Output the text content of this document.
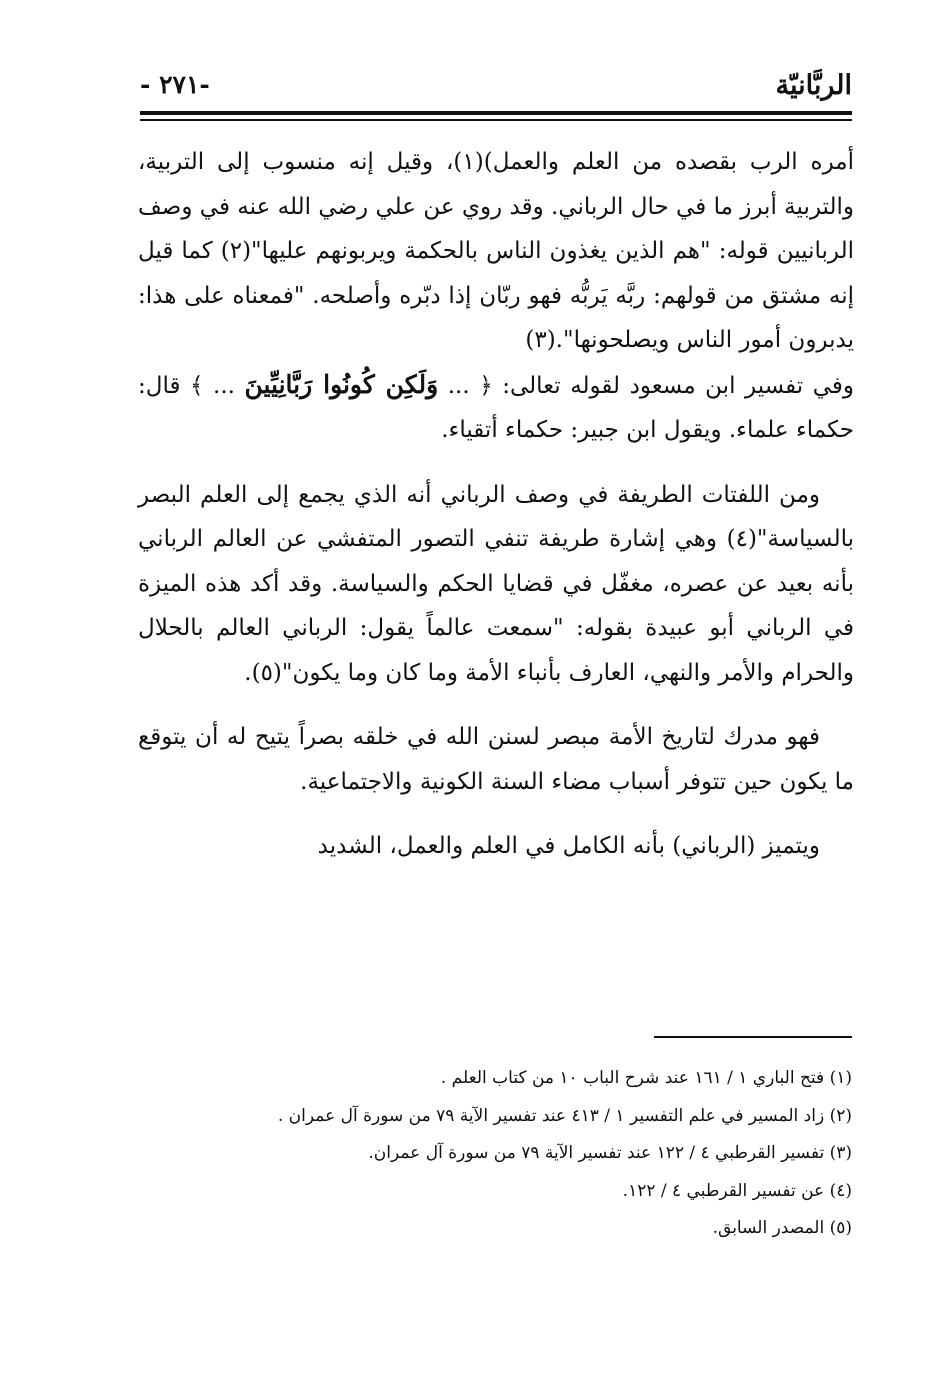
الربَّانيّة
- ٢٧١-

أمره الرب بقصده من العلم والعمل)(١)، وقيل إنه منسوب إلى التربية، والتربية أبرز ما في حال الرباني. وقد روي عن علي رضي الله عنه في وصف الربانيين قوله: "هم الذين يغذون الناس بالحكمة ويربونهم عليها"(٢) كما قيل إنه مشتق من قولهم: ربَّه يَربُّه فهو ربّان إذا دبّره وأصلحه. "فمعناه على هذا: يدبرون أمور الناس ويصلحونها".(٣)

وفي تفسير ابن مسعود لقوله تعالى: ﴿ ... وَلَكِن كُونُوا رَبَّانِيِّينَ ... ﴾ قال: حكماء علماء. ويقول ابن جبير: حكماء أتقياء.

ومن اللفتات الطريفة في وصف الرباني أنه الذي يجمع إلى العلم البصر بالسياسة"(٤) وهي إشارة طريفة تنفي التصور المتفشي عن العالم الرباني بأنه بعيد عن عصره، مغفّل في قضايا الحكم والسياسة. وقد أكد هذه الميزة في الرباني أبو عبيدة بقوله: "سمعت عالماً يقول: الرباني العالم بالحلال والحرام والأمر والنهي، العارف بأنباء الأمة وما كان وما يكون"(٥).

فهو مدرك لتاريخ الأمة مبصر لسنن الله في خلقه بصراً يتيح له أن يتوقع ما يكون حين تتوفر أسباب مضاء السنة الكونية والاجتماعية.

ويتميز (الرباني) بأنه الكامل في العلم والعمل، الشديد

(١) فتح الباري ١ / ١٦١ عند شرح الباب ١٠ من كتاب العلم .

(٢) زاد المسير في علم التفسير ١ / ٤١٣ عند تفسير الآية ٧٩ من سورة آل عمران .

(٣) تفسير القرطبي ٤ / ١٢٢ عند تفسير الآية ٧٩ من سورة آل عمران.

(٤) عن تفسير القرطبي ٤ / ١٢٢.

(٥) المصدر السابق.
